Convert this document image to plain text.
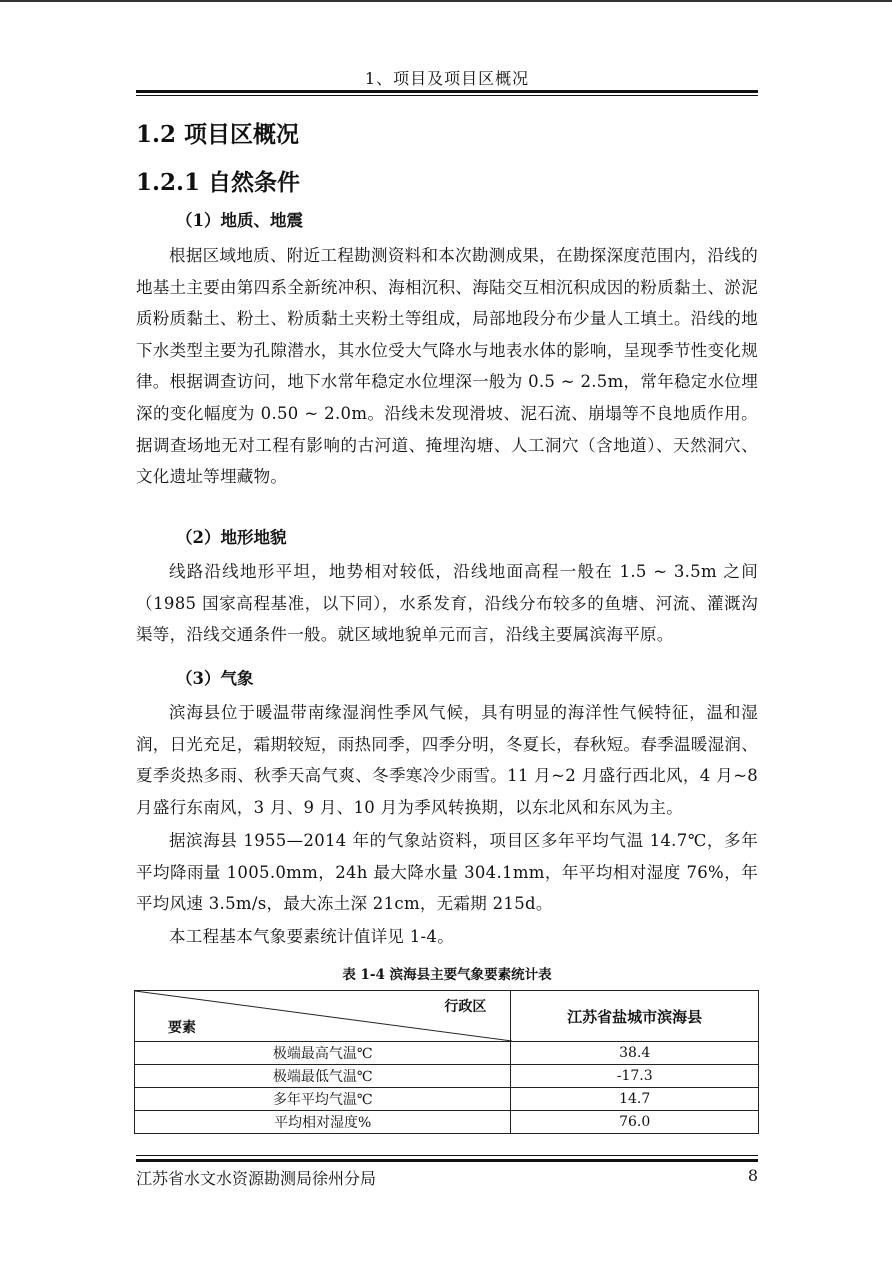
1、项目及项目区概况
1.2 项目区概况
1.2.1 自然条件
（1）地质、地震

根据区域地质、附近工程勘测资料和本次勘测成果，在勘探深度范围内，沿线的地基土主要由第四系全新统冲积、海相沉积、海陆交互相沉积成因的粉质黏土、淤泥质粉质黏土、粉土、粉质黏土夹粉土等组成，局部地段分布少量人工填土。沿线的地下水类型主要为孔隙潜水，其水位受大气降水与地表水体的影响，呈现季节性变化规律。根据调查访问，地下水常年稳定水位埋深一般为 0.5 ~ 2.5m，常年稳定水位埋深的变化幅度为 0.50 ~ 2.0m。沿线未发现滑坡、泥石流、崩塌等不良地质作用。据调查场地无对工程有影响的古河道、掩埋沟塘、人工洞穴（含地道）、天然洞穴、文化遗址等埋藏物。

（2）地形地貌

线路沿线地形平坦，地势相对较低，沿线地面高程一般在 1.5 ~ 3.5m 之间（1985 国家高程基准，以下同），水系发育，沿线分布较多的鱼塘、河流、灌溉沟渠等，沿线交通条件一般。就区域地貌单元而言，沿线主要属滨海平原。

（3）气象

滨海县位于暖温带南缘湿润性季风气候，具有明显的海洋性气候特征，温和湿润，日光充足，霜期较短，雨热同季，四季分明，冬夏长，春秋短。春季温暖湿润、夏季炎热多雨、秋季天高气爽、冬季寒冷少雨雪。11 月~2 月盛行西北风，4 月~8 月盛行东南风，3 月、9 月、10 月为季风转换期，以东北风和东风为主。

据滨海县 1955—2014 年的气象站资料，项目区多年平均气温 14.7℃，多年平均降雨量 1005.0mm，24h 最大降水量 304.1mm，年平均相对湿度 76%，年平均风速 3.5m/s，最大冻土深 21cm，无霜期 215d。

本工程基本气象要素统计值详见 1-4。

表 1-4 滨海县主要气象要素统计表
行政区
要素	江苏省盐城市滨海县
极端最高气温℃	38.4
极端最低气温℃	-17.3
多年平均气温℃	14.7
平均相对湿度%	76.0
江苏省水文水资源勘测局徐州分局	8
